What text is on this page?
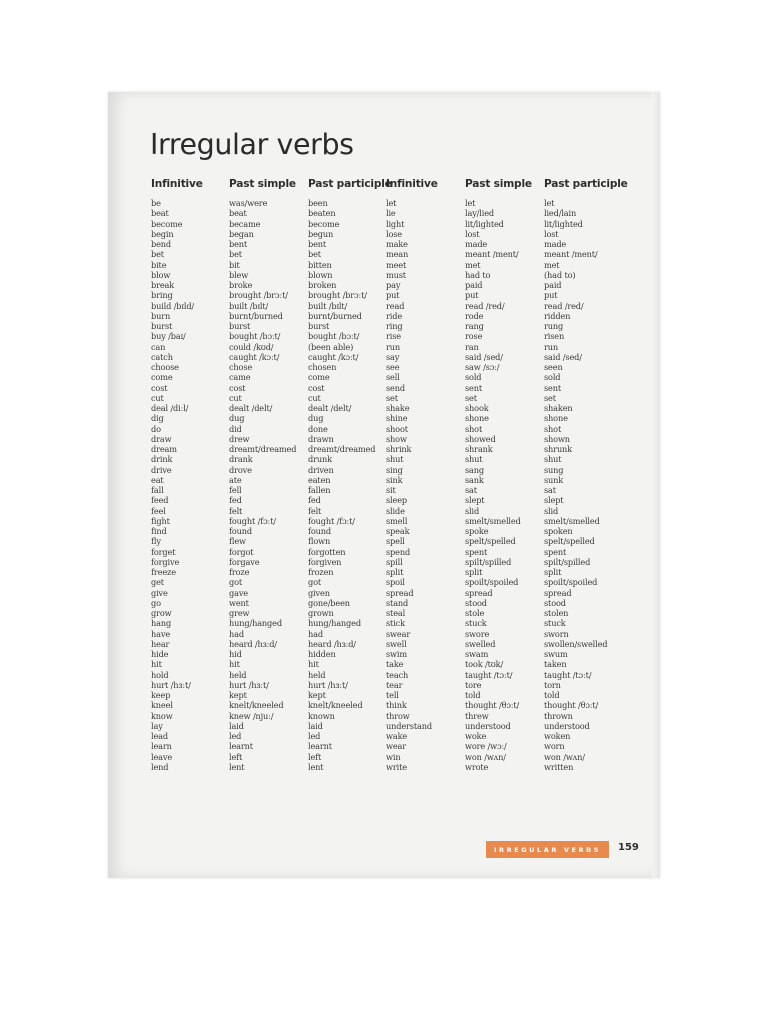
Irregular verbs
Infinitive
be
beat
become
begin
bend
bet
bite
blow
break
bring
build /bɪld/
burn
burst
buy /baɪ/
can
catch
choose
come
cost
cut
deal /diːl/
dig
do
draw
dream
drink
drive
eat
fall
feed
feel
fight
find
fly
forget
forgive
freeze
get
give
go
grow
hang
have
hear
hide
hit
hold
hurt /hɜːt/
keep
kneel
know
lay
lead
learn
leave
lend
Past simple
was/were
beat
became
began
bent
bet
bit
blew
broke
brought /brɔːt/
built /bɪlt/
burnt/burned
burst
bought /bɔːt/
could /kʊd/
caught /kɔːt/
chose
came
cost
cut
dealt /delt/
dug
did
drew
dreamt/dreamed
drank
drove
ate
fell
fed
felt
fought /fɔːt/
found
flew
forgot
forgave
froze
got
gave
went
grew
hung/hanged
had
heard /hɜːd/
hid
hit
held
hurt /hɜːt/
kept
knelt/kneeled
knew /njuː/
laid
led
learnt
left
lent
Past participle
been
beaten
become
begun
bent
bet
bitten
blown
broken
brought /brɔːt/
built /bɪlt/
burnt/burned
burst
bought /bɔːt/
(been able)
caught /kɔːt/
chosen
come
cost
cut
dealt /delt/
dug
done
drawn
dreamt/dreamed
drunk
driven
eaten
fallen
fed
felt
fought /fɔːt/
found
flown
forgotten
forgiven
frozen
got
given
gone/been
grown
hung/hanged
had
heard /hɜːd/
hidden
hit
held
hurt /hɜːt/
kept
knelt/kneeled
known
laid
led
learnt
left
lent
Infinitive
let
lie
light
lose
make
mean
meet
must
pay
put
read
ride
ring
rise
run
say
see
sell
send
set
shake
shine
shoot
show
shrink
shut
sing
sink
sit
sleep
slide
smell
speak
spell
spend
spill
split
spoil
spread
stand
steal
stick
swear
swell
swim
take
teach
tear
tell
think
throw
understand
wake
wear
win
write
Past simple
let
lay/lied
lit/lighted
lost
made
meant /ment/
met
had to
paid
put
read /red/
rode
rang
rose
ran
said /sed/
saw /sɔː/
sold
sent
set
shook
shone
shot
showed
shrank
shut
sang
sank
sat
slept
slid
smelt/smelled
spoke
spelt/spelled
spent
spilt/spilled
split
spoilt/spoiled
spread
stood
stole
stuck
swore
swelled
swam
took /tʊk/
taught /tɔːt/
tore
told
thought /θɔːt/
threw
understood
woke
wore /wɔː/
won /wʌn/
wrote
Past participle
let
lied/lain
lit/lighted
lost
made
meant /ment/
met
(had to)
paid
put
read /red/
ridden
rung
risen
run
said /sed/
seen
sold
sent
set
shaken
shone
shot
shown
shrunk
shut
sung
sunk
sat
slept
slid
smelt/smelled
spoken
spelt/spelled
spent
spilt/spilled
split
spoilt/spoiled
spread
stood
stolen
stuck
sworn
swollen/swelled
swum
taken
taught /tɔːt/
torn
told
thought /θɔːt/
thrown
understood
woken
worn
won /wʌn/
written
IRREGULAR VERBS 159
